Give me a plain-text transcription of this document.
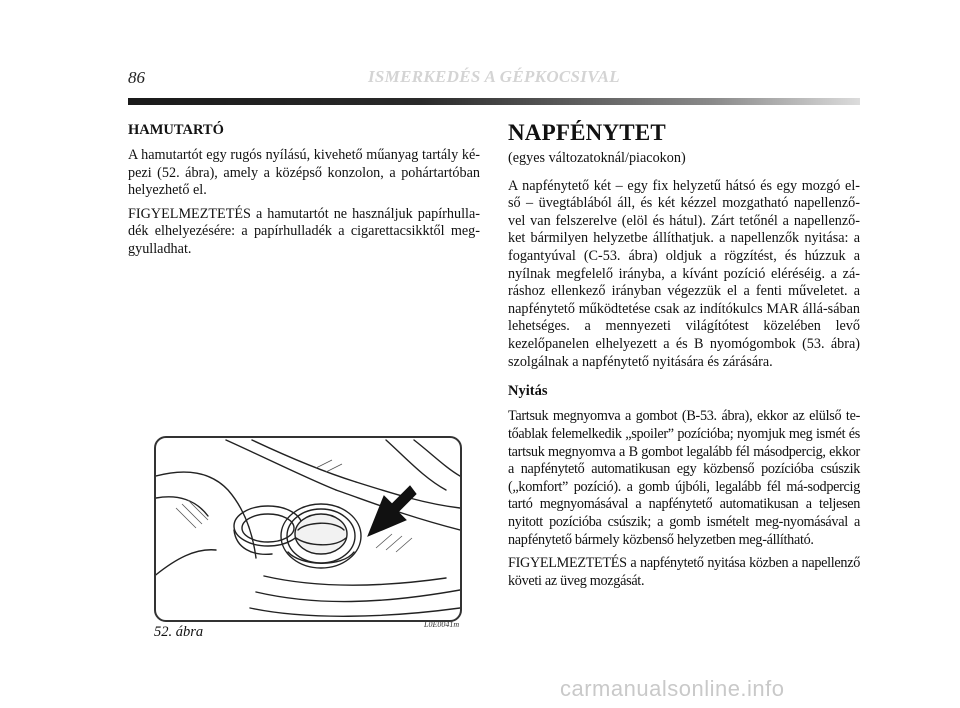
86	ISMERKEDÉS A GÉPKOCSIVAL
HAMUTARTÓ

A hamutartót egy rugós nyílású, kivehető műanyag tartály ké-pezi (52. ábra), amely a középső konzolon, a pohártartóban helyezhető el.

FIGYELMEZTETÉS a hamutartót ne használjuk papírhulla-dék elhelyezésére: a papírhulladék a cigarettacsikktől meg-gyulladhat.

L0E0041m
52. ábra
NAPFÉNYTET

(egyes változatoknál/piacokon)

A napfénytető két – egy fix helyzetű hátsó és egy mozgó el-ső – üvegtáblából áll, és két kézzel mozgatható napellenző-vel van felszerelve (elöl és hátul). Zárt tetőnél a napellenző-ket bármilyen helyzetbe állíthatjuk. a napellenzők nyitása: a fogantyúval (C-53. ábra) oldjuk a rögzítést, és húzzuk a nyílnak megfelelő irányba, a kívánt pozíció eléréséig. a zá-ráshoz ellenkező irányban végezzük el a fenti műveletet. a napfénytető működtetése csak az indítókulcs MAR állá-sában lehetséges. a mennyezeti világítótest közelében levő kezelőpanelen elhelyezett a és B nyomógombok (53. ábra) szolgálnak a napfénytető nyitására és zárására.

Nyitás

Tartsuk megnyomva a gombot (B-53. ábra), ekkor az elülső te-tőablak felemelkedik „spoiler” pozícióba; nyomjuk meg ismét és tartsuk megnyomva a B gombot legalább fél másodpercig, ekkor a napfénytető automatikusan egy közbenső pozícióba csúszik („komfort” pozíció). a gomb újbóli, legalább fél má-sodpercig tartó megnyomásával a napfénytető automatikusan a teljesen nyitott pozícióba csúszik; a gomb ismételt meg-nyomásával a napfénytető bármely közbenső helyzetben meg-állítható.

FIGYELMEZTETÉS a napfénytető nyitása közben a napellenző követi az üveg mozgását.

carmanualsonline.info
